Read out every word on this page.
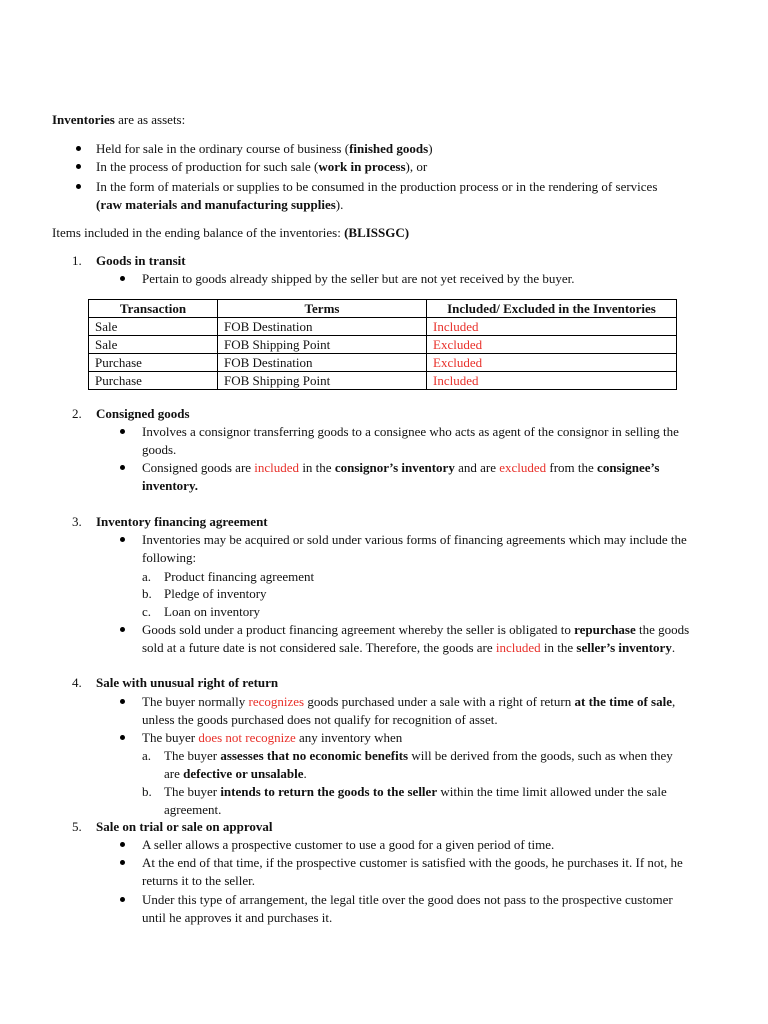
Inventories are as assets:
Held for sale in the ordinary course of business (finished goods)
In the process of production for such sale (work in process), or
In the form of materials or supplies to be consumed in the production process or in the rendering of services
(raw materials and manufacturing supplies).
Items included in the ending balance of the inventories: (BLISSGC)
1. Goods in transit
Pertain to goods already shipped by the seller but are not yet received by the buyer.
Transaction	Terms	Included/ Excluded in the Inventories
Sale	FOB Destination	Included
Sale	FOB Shipping Point	Excluded
Purchase	FOB Destination	Excluded
Purchase	FOB Shipping Point	Included
2. Consigned goods
Involves a consignor transferring goods to a consignee who acts as agent of the consignor in selling the
goods.
Consigned goods are included in the consignor’s inventory and are excluded from the consignee’s
inventory.
3. Inventory financing agreement
Inventories may be acquired or sold under various forms of financing agreements which may include the
following:
a. Product financing agreement
b. Pledge of inventory
c. Loan on inventory
Goods sold under a product financing agreement whereby the seller is obligated to repurchase the goods
sold at a future date is not considered sale. Therefore, the goods are included in the seller’s inventory.
4. Sale with unusual right of return
The buyer normally recognizes goods purchased under a sale with a right of return at the time of sale,
unless the goods purchased does not qualify for recognition of asset.
The buyer does not recognize any inventory when
a. The buyer assesses that no economic benefits will be derived from the goods, such as when they
are defective or unsalable.
b. The buyer intends to return the goods to the seller within the time limit allowed under the sale
agreement.
5. Sale on trial or sale on approval
A seller allows a prospective customer to use a good for a given period of time.
At the end of that time, if the prospective customer is satisfied with the goods, he purchases it. If not, he
returns it to the seller.
Under this type of arrangement, the legal title over the good does not pass to the prospective customer
until he approves it and purchases it.
